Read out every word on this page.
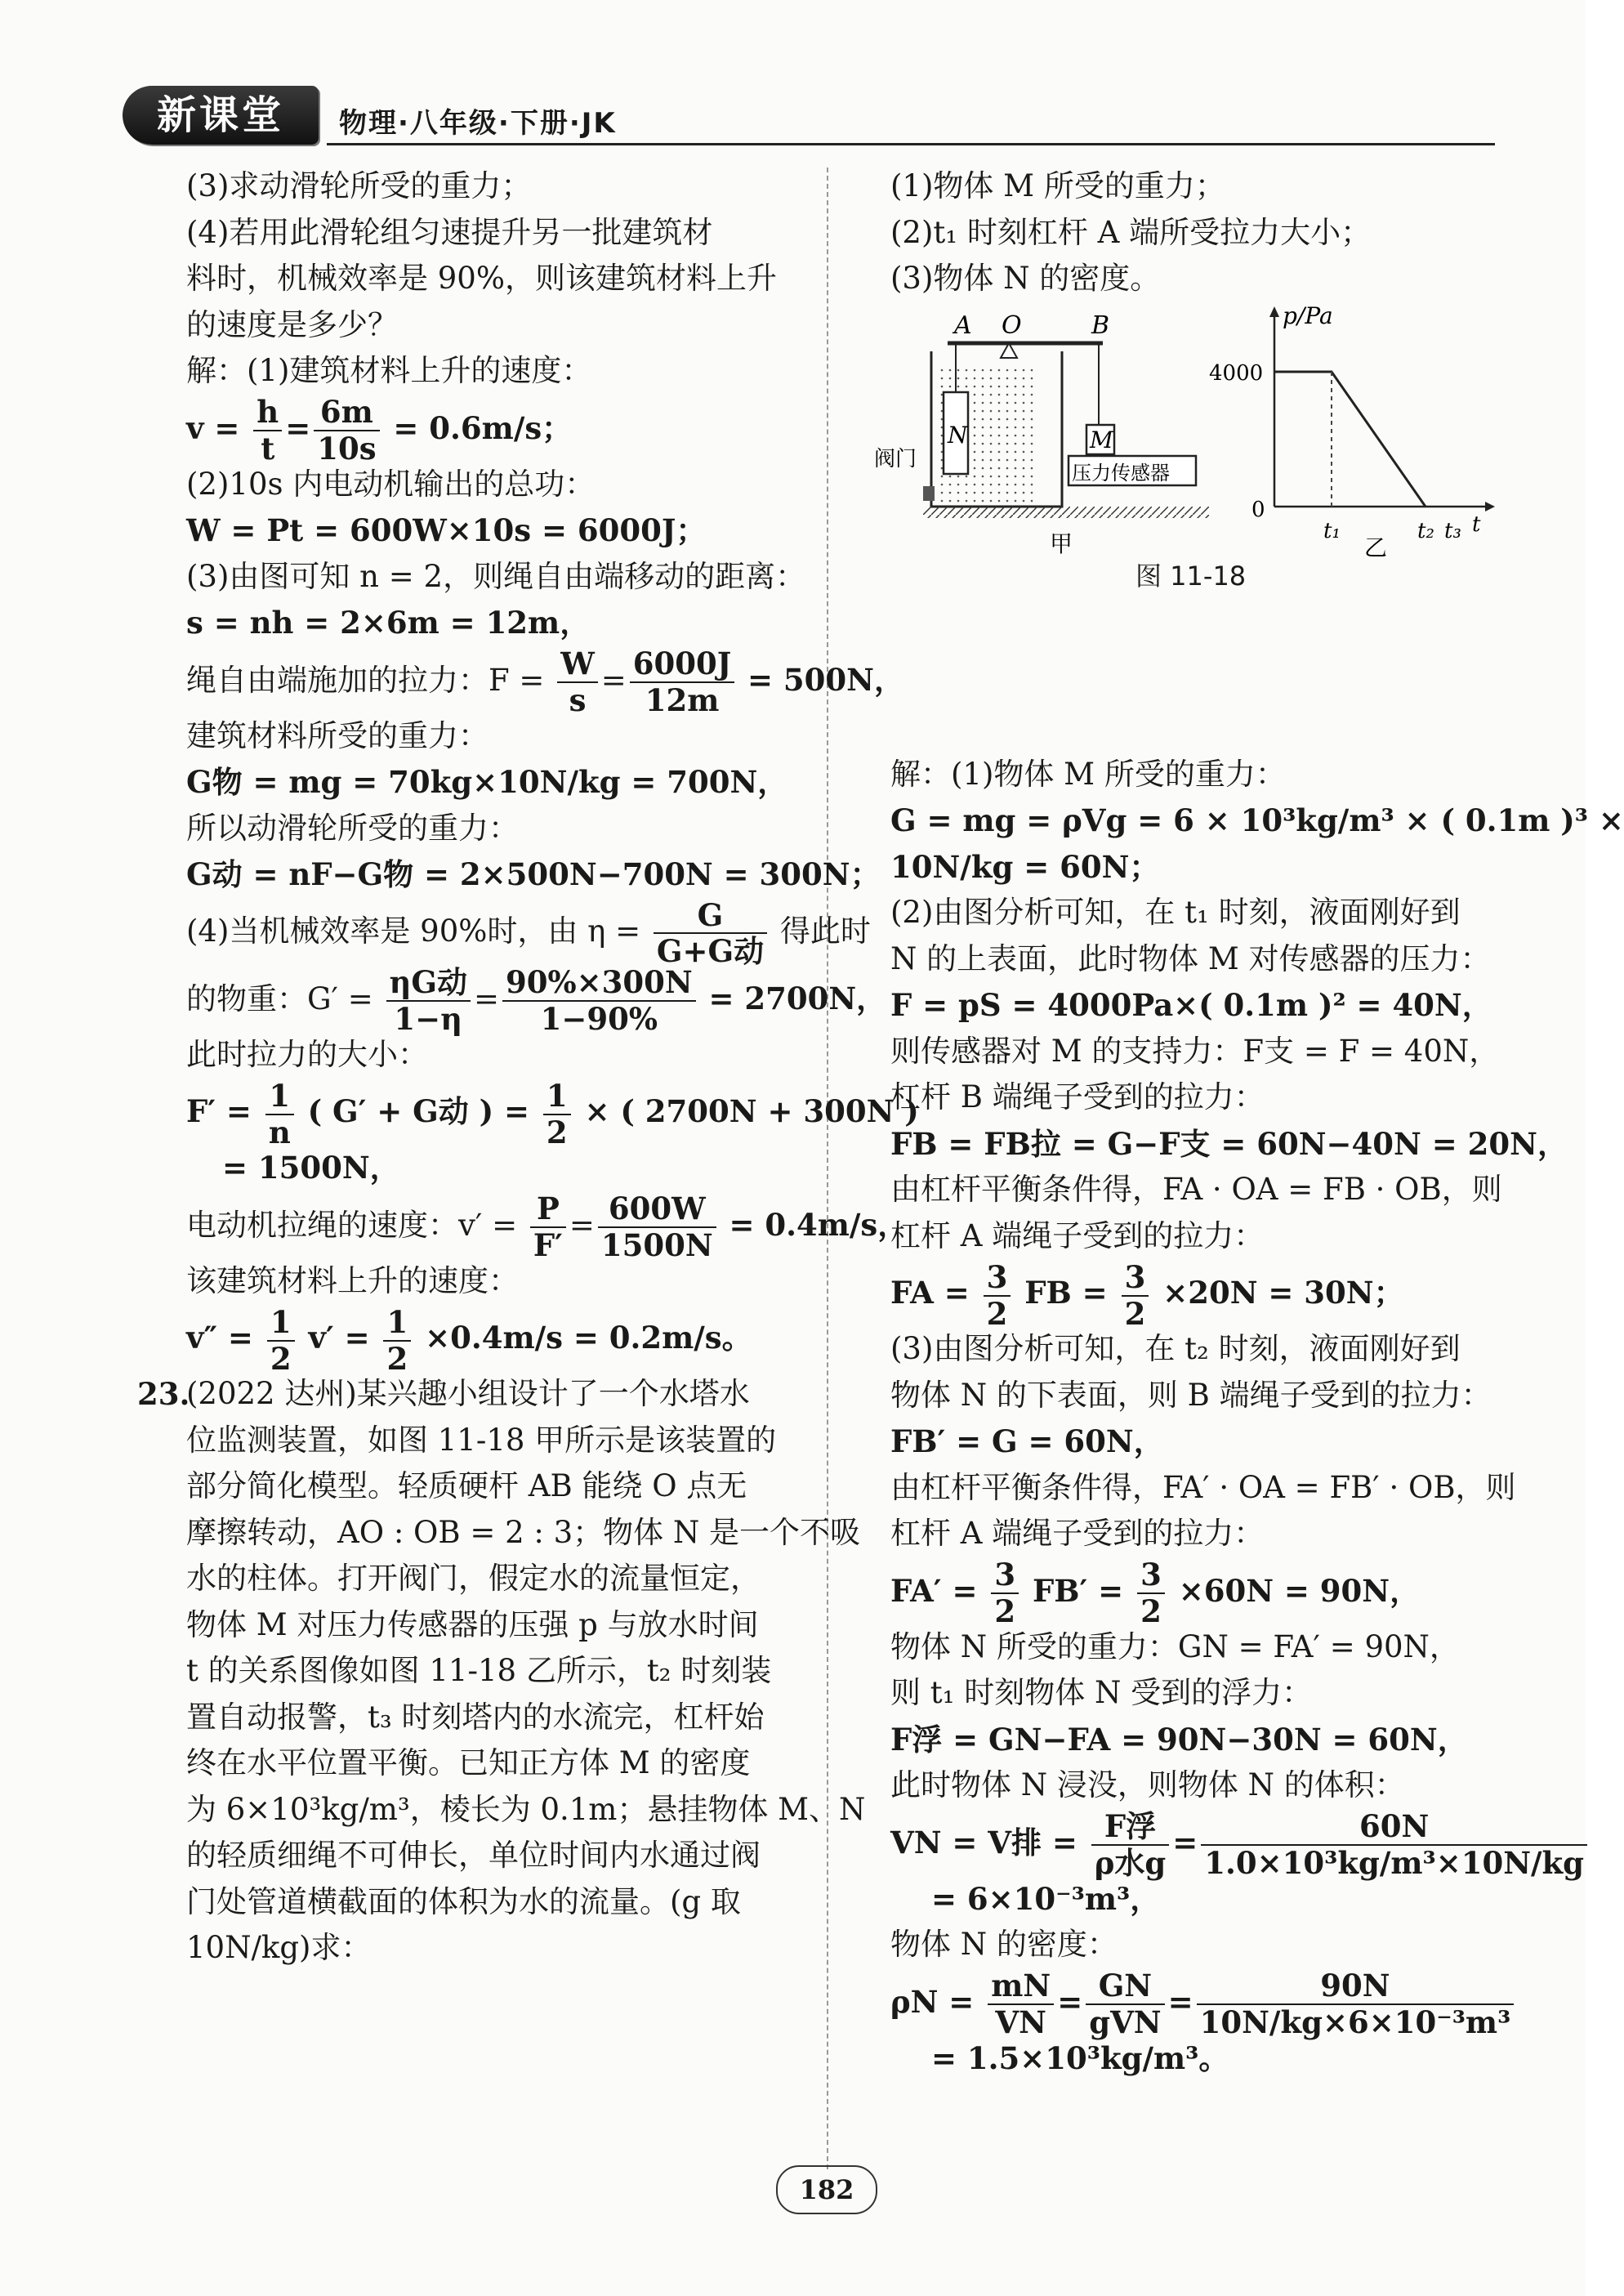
新课堂	物理·八年级·下册·JK
(3)求动滑轮所受的重力；
(4)若用此滑轮组匀速提升另一批建筑材
料时，机械效率是 90%，则该建筑材料上升
的速度是多少？
解：(1)建筑材料上升的速度：
$v = \frac{h}{t} = \frac{6m}{10s} = 0.6m/s$；
(2)10s 内电动机输出的总功：
W = Pt = 600W×10s = 6000J；
(3)由图可知 n = 2，则绳自由端移动的距离：
s = nh = 2×6m = 12m，
绳自由端施加的拉力：$F = \frac{W}{s} = \frac{6000J}{12m} = 500N$，
建筑材料所受的重力：
G物 = mg = 70kg×10N/kg = 700N，
所以动滑轮所受的重力：
G动 = nF−G物 = 2×500N−700N = 300N；
(4)当机械效率是 90%时，由 $\eta = \frac{G}{\text{G+G动}}$ 得此时
的物重：$G' = \frac{\text{ηG动}}{1-\eta} = \frac{90\%\times 300N}{1-90\%} = 2700N$，
此时拉力的大小：
$F' = \frac{1}{n}$ ( G′ + G动 ) = $\frac{1}{2}$ × ( 2700N + 300N )
= 1500N，
电动机拉绳的速度：$v' = \frac{P}{F'} = \frac{600W}{1500N} = 0.4m/s$，
该建筑材料上升的速度：
$v'' = \frac{1}{2} v' = \frac{1}{2} \times 0.4m/s = 0.2m/s$。
23.
(2022 达州)某兴趣小组设计了一个水塔水
位监测装置，如图 11-18 甲所示是该装置的
部分简化模型。轻质硬杆 AB 能绕 O 点无
摩擦转动，AO : OB = 2 : 3；物体 N 是一个不吸
水的柱体。打开阀门，假定水的流量恒定，
物体 M 对压力传感器的压强 p 与放水时间
t 的关系图像如图 11-18 乙所示，t₂ 时刻装
置自动报警，t₃ 时刻塔内的水流完，杠杆始
终在水平位置平衡。已知正方体 M 的密度
为 6×10³kg/m³，棱长为 0.1m；悬挂物体 M、N
的轻质细绳不可伸长，单位时间内水通过阀
门处管道横截面的体积为水的流量。(g 取
10N/kg)求：
(1)物体 M 所受的重力；
(2)t₁ 时刻杠杆 A 端所受拉力大小；
(3)物体 N 的密度。
解：(1)物体 M 所受的重力：
G = mg = ρVg = 6 × 10³kg/m³ × ( 0.1m )³ ×
10N/kg = 60N；
(2)由图分析可知，在 t₁ 时刻，液面刚好到
N 的上表面，此时物体 M 对传感器的压力：
F = pS = 4000Pa×( 0.1m )² = 40N，
则传感器对 M 的支持力：F支 = F = 40N，
杠杆 B 端绳子受到的拉力：
FB = FB拉 = G−F支 = 60N−40N = 20N，
由杠杆平衡条件得，FA · OA = FB · OB，则
杠杆 A 端绳子受到的拉力：
FA = $\frac{3}{2}$ FB = $\frac{3}{2} \times 20N = 30N$；
(3)由图分析可知，在 t₂ 时刻，液面刚好到
物体 N 的下表面，则 B 端绳子受到的拉力：
FB′ = G = 60N，
由杠杆平衡条件得，FA′ · OA = FB′ · OB，则
杠杆 A 端绳子受到的拉力：
$FA' = \frac{3}{2} FB' = \frac{3}{2} \times 60N = 90N$，
物体 N 所受的重力：GN = FA′ = 90N，
则 t₁ 时刻物体 N 受到的浮力：
F浮 = GN−FA = 90N−30N = 60N，
此时物体 N 浸没，则物体 N 的体积：
VN = V排 = $\frac{\text{F浮}}{\text{ρ水g}} = \frac{60N}{\text{1.0×10³kg/m³×10N/kg}}$
= 6×10⁻³m³，
物体 N 的密度：
$\rho N = \frac{mN}{VN} = \frac{GN}{\text{gVN}} = \frac{90N}{\text{10N/kg×6×10⁻³m³}}$
= 1.5×10³kg/m³。
A O	B
N	M
压力传感器
阀门
甲
p/Pa
4000
0
t₁	t₂ t₃ t
乙
图 11-18
182
